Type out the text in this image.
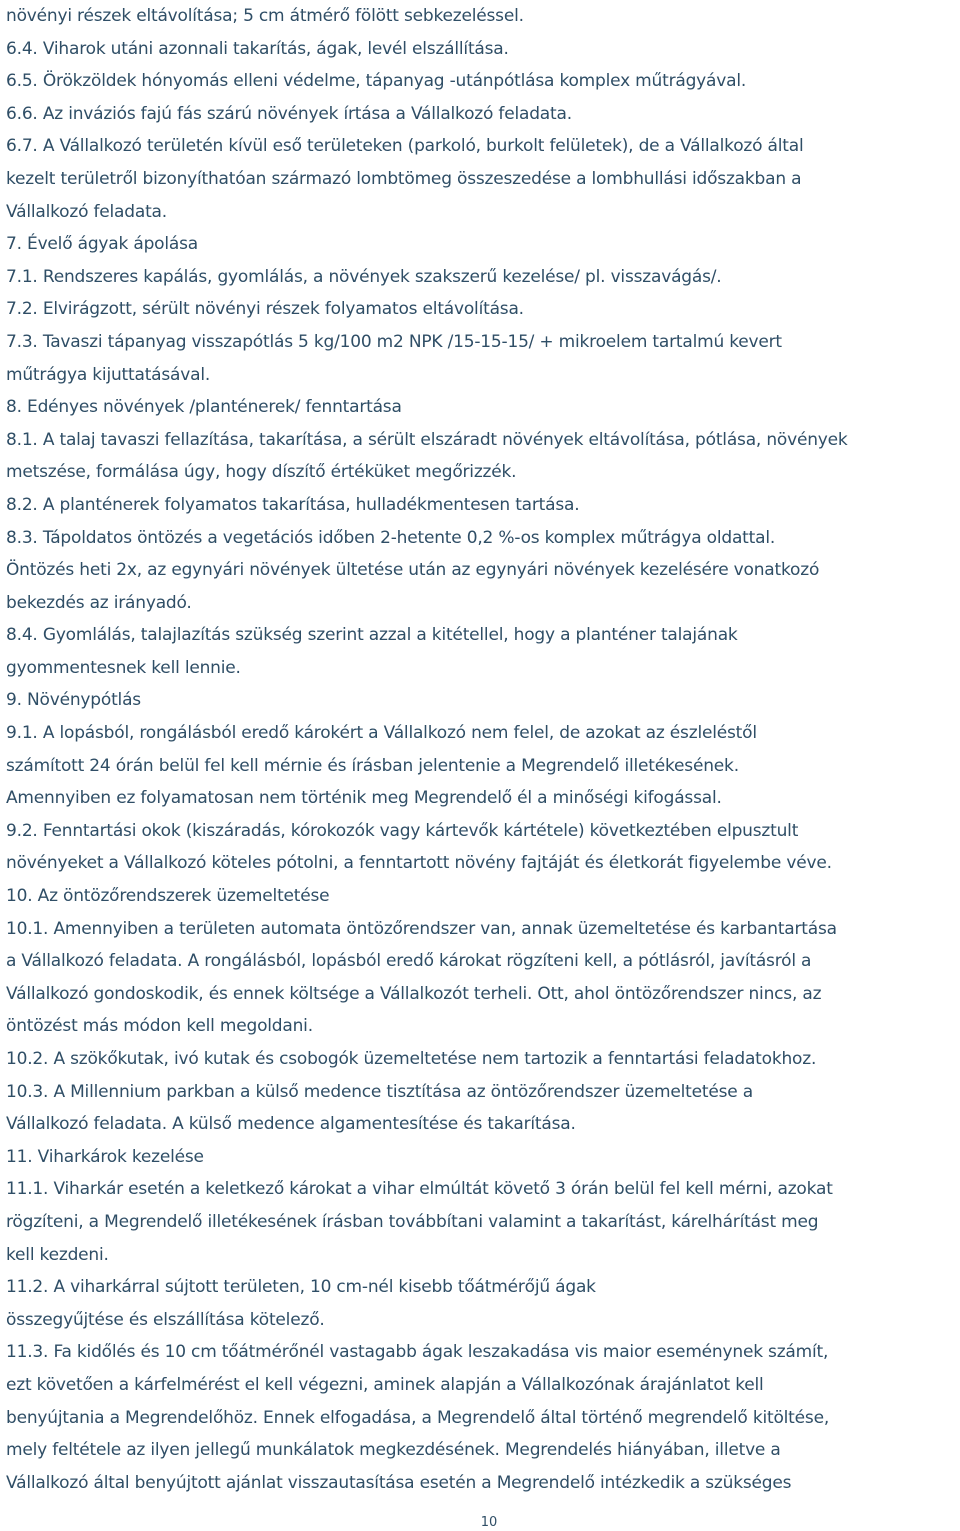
növényi részek eltávolítása; 5 cm átmérő fölött sebkezeléssel.
6.4. Viharok utáni azonnali takarítás, ágak, levél elszállítása.
6.5. Örökzöldek hónyomás elleni védelme, tápanyag -utánpótlása komplex műtrágyával.
6.6. Az inváziós fajú fás szárú növények írtása a Vállalkozó feladata.
6.7. A Vállalkozó területén kívül eső területeken (parkoló, burkolt felületek), de a Vállalkozó által
kezelt területről bizonyíthatóan származó lombtömeg összeszedése a lombhullási időszakban a
Vállalkozó feladata.
7. Évelő ágyak ápolása
7.1. Rendszeres kapálás, gyomlálás, a növények szakszerű kezelése/ pl. visszavágás/.
7.2. Elvirágzott, sérült növényi részek folyamatos eltávolítása.
7.3. Tavaszi tápanyag visszapótlás 5 kg/100 m2 NPK /15-15-15/ + mikroelem tartalmú kevert
műtrágya kijuttatásával.
8. Edényes növények /planténerek/ fenntartása
8.1. A talaj tavaszi fellazítása, takarítása, a sérült elszáradt növények eltávolítása, pótlása, növények
metszése, formálása úgy, hogy díszítő értéküket megőrizzék.
8.2. A planténerek folyamatos takarítása, hulladékmentesen tartása.
8.3. Tápoldatos öntözés a vegetációs időben 2-hetente 0,2 %-os komplex műtrágya oldattal.
Öntözés heti 2x, az egynyári növények ültetése után az egynyári növények kezelésére vonatkozó
bekezdés az irányadó.
8.4. Gyomlálás, talajlazítás szükség szerint azzal a kitétellel, hogy a planténer talajának
gyommentesnek kell lennie.
9. Növénypótlás
9.1. A lopásból, rongálásból eredő károkért a Vállalkozó nem felel, de azokat az észleléstől
számított 24 órán belül fel kell mérnie és írásban jelentenie a Megrendelő illetékesének.
Amennyiben ez folyamatosan nem történik meg Megrendelő él a minőségi kifogással.
9.2. Fenntartási okok (kiszáradás, kórokozók vagy kártevők kártétele) következtében elpusztult
növényeket a Vállalkozó köteles pótolni, a fenntartott növény fajtáját és életkorát figyelembe véve.
10. Az öntözőrendszerek üzemeltetése
10.1. Amennyiben a területen automata öntözőrendszer van, annak üzemeltetése és karbantartása
a Vállalkozó feladata. A rongálásból, lopásból eredő károkat rögzíteni kell, a pótlásról, javításról a
Vállalkozó gondoskodik, és ennek költsége a Vállalkozót terheli. Ott, ahol öntözőrendszer nincs, az
öntözést más módon kell megoldani.
10.2. A szökőkutak, ivó kutak és csobogók üzemeltetése nem tartozik a fenntartási feladatokhoz.
10.3. A Millennium parkban a külső medence tisztítása az öntözőrendszer üzemeltetése a
Vállalkozó feladata. A külső medence algamentesítése és takarítása.
11. Viharkárok kezelése
11.1. Viharkár esetén a keletkező károkat a vihar elmúltát követő 3 órán belül fel kell mérni, azokat
rögzíteni, a Megrendelő illetékesének írásban továbbítani valamint a takarítást, kárelhárítást meg
kell kezdeni.
11.2. A viharkárral sújtott területen, 10 cm-nél kisebb tőátmérőjű ágak
összegyűjtése és elszállítása kötelező.
11.3. Fa kidőlés és 10 cm tőátmérőnél vastagabb ágak leszakadása vis maior eseménynek számít,
ezt követően a kárfelmérést el kell végezni, aminek alapján a Vállalkozónak árajánlatot kell
benyújtania a Megrendelőhöz. Ennek elfogadása, a Megrendelő által történő megrendelő kitöltése,
mely feltétele az ilyen jellegű munkálatok megkezdésének. Megrendelés hiányában, illetve a
Vállalkozó által benyújtott ajánlat visszautasítása esetén a Megrendelő intézkedik a szükséges
10
